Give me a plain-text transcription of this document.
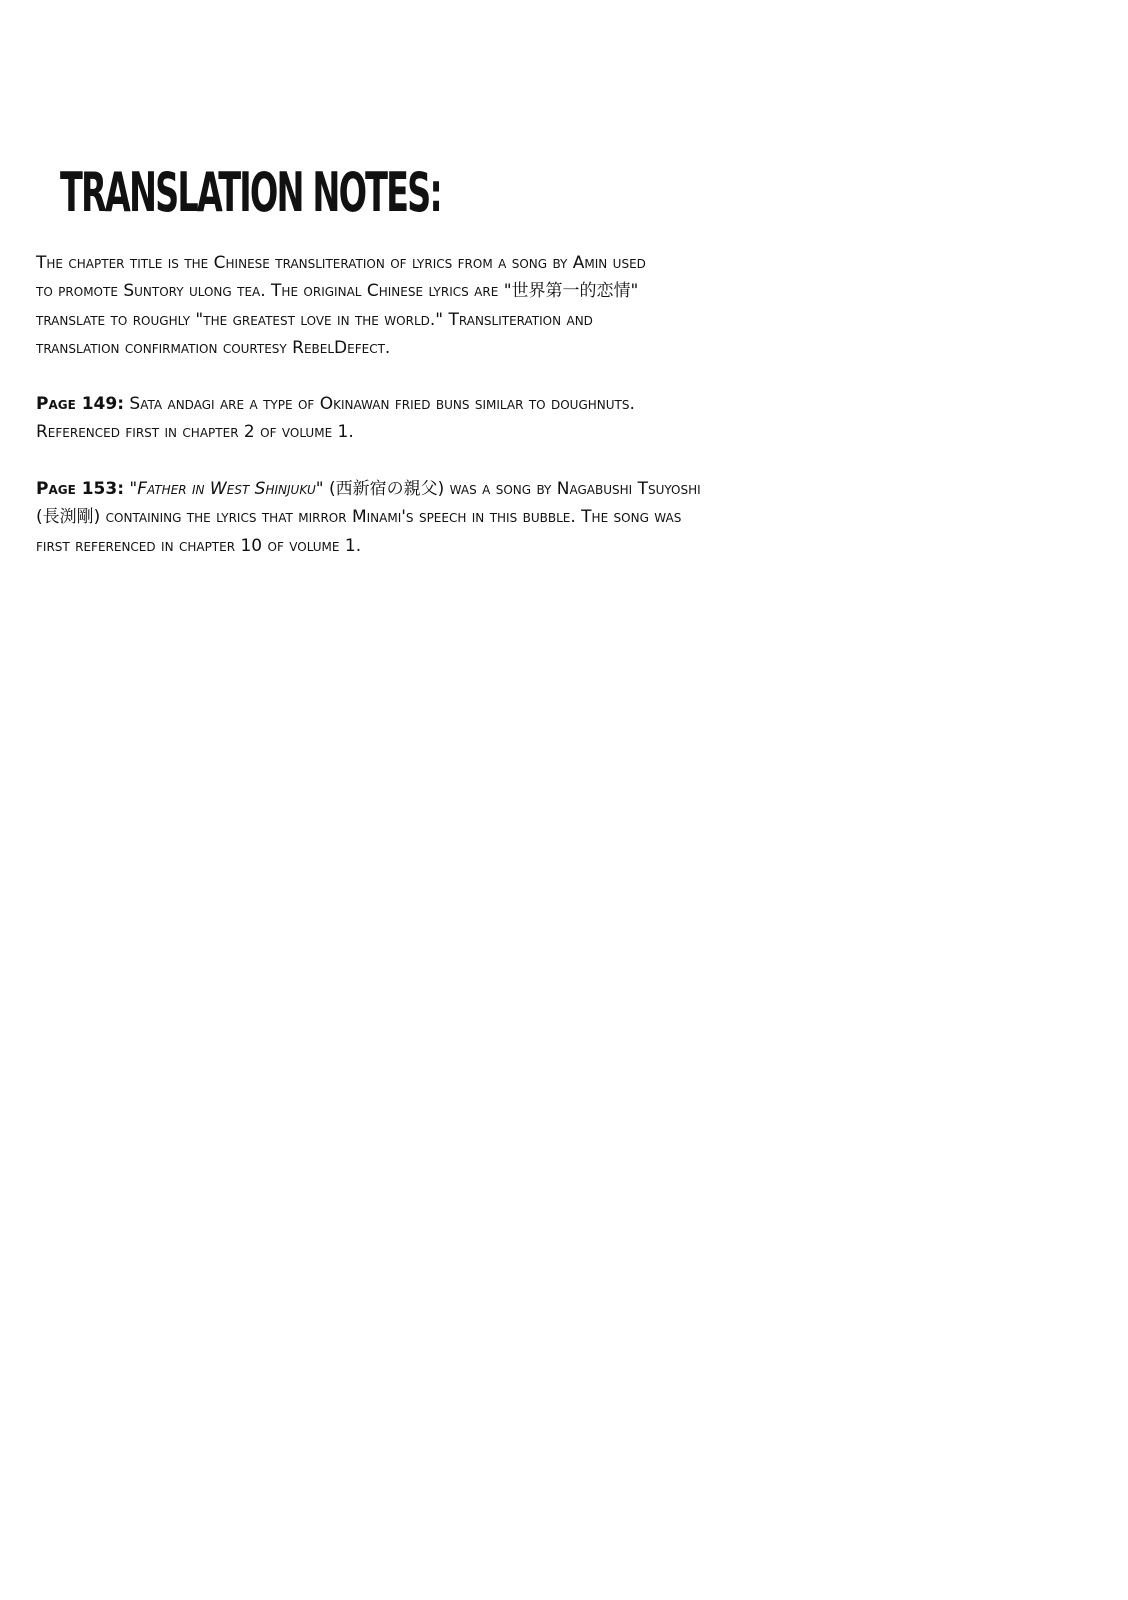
TRANSLATION NOTES:

The chapter title is the Chinese transliteration of lyrics from a song by Amin used
to promote Suntory ulong tea. The original Chinese lyrics are "世界第一的恋情"
translate to roughly "the greatest love in the world." Transliteration and
translation confirmation courtesy RebelDefect.

Page 149: Sata andagi are a type of Okinawan fried buns similar to doughnuts.
Referenced first in chapter 2 of volume 1.

Page 153: "Father in West Shinjuku" (西新宿の親父) was a song by Nagabushi Tsuyoshi
(長渕剛) containing the lyrics that mirror Minami's speech in this bubble. The song was
first referenced in chapter 10 of volume 1.
